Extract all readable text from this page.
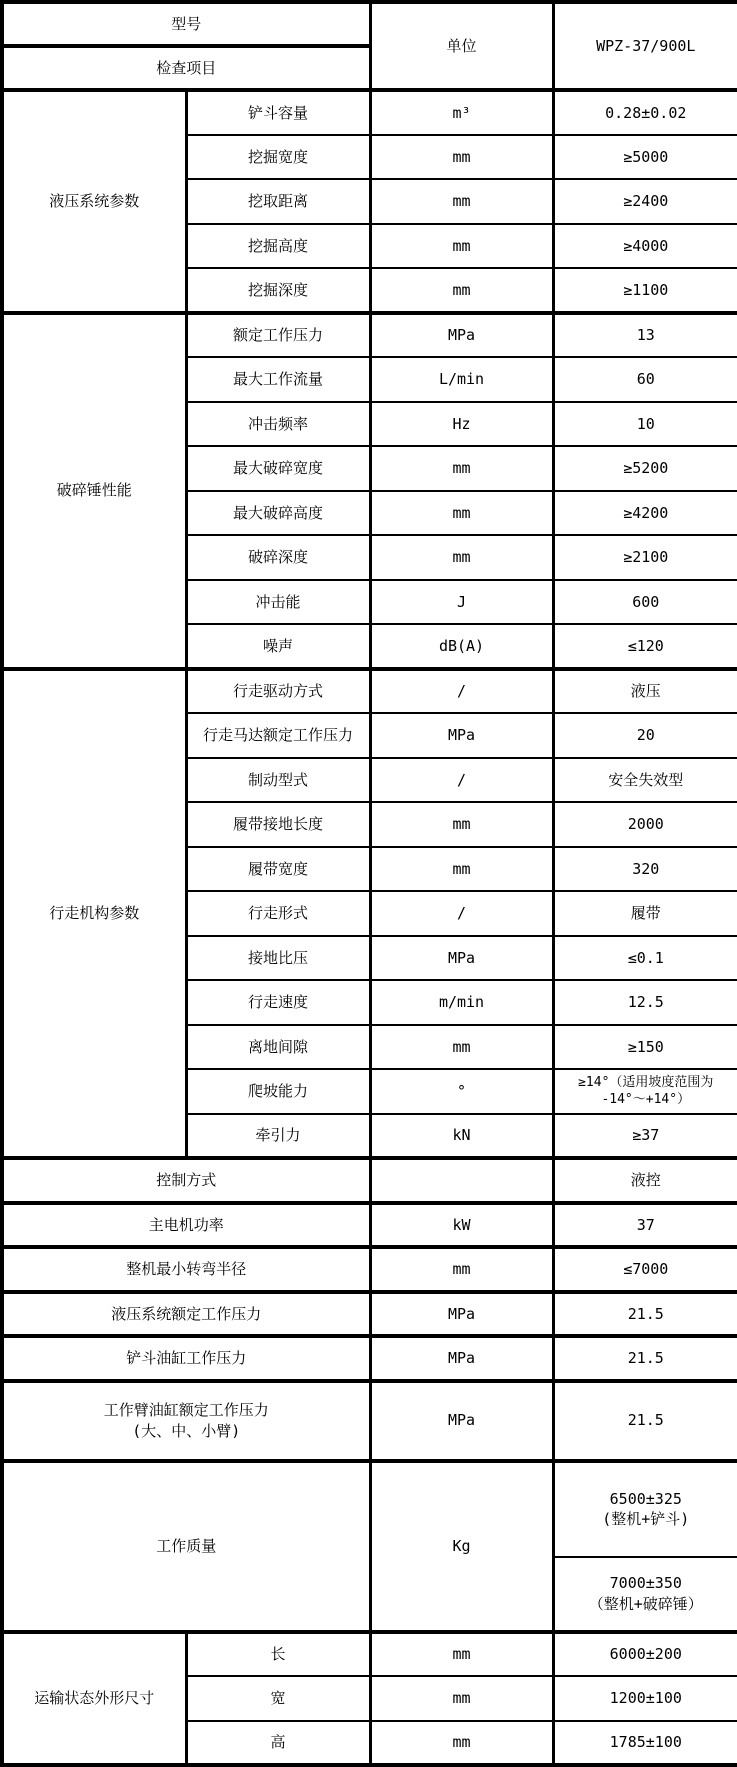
型号		单位	WPZ-37/900L
检查项目			
液压系统参数	铲斗容量	m³	0.28±0.02
	挖掘宽度	mm	≥5000
	挖取距离	mm	≥2400
	挖掘高度	mm	≥4000
	挖掘深度	mm	≥1100
破碎锤性能	额定工作压力	MPa	13
	最大工作流量	L/min	60
	冲击频率	Hz	10
	最大破碎宽度	mm	≥5200
	最大破碎高度	mm	≥4200
	破碎深度	mm	≥2100
	冲击能	J	600
	噪声	dB(A)	≤120
行走机构参数	行走驱动方式	/	液压
	行走马达额定工作压力	MPa	20
	制动型式	/	安全失效型
	履带接地长度	mm	2000
	履带宽度	mm	320
	行走形式	/	履带
	接地比压	MPa	≤0.1
	行走速度	m/min	12.5
	离地间隙	mm	≥150
	爬坡能力	°	≥14°（适用坡度范围为
-14°～+14°）

	牵引力	kN	≥37
控制方式			液控
主电机功率		kW	37
整机最小转弯半径		mm	≤7000
液压系统额定工作压力		MPa	21.5
铲斗油缸工作压力		MPa	21.5

工作臂油缸额定工作压力
(大、中、小臂)		MPa	21.5
工作质量		Kg	6500±325
(整机+铲斗)

			7000±350
（整机+破碎锤）

运输状态外形尺寸	长	mm	6000±200
	宽	mm	1200±100
	高	mm	1785±100
